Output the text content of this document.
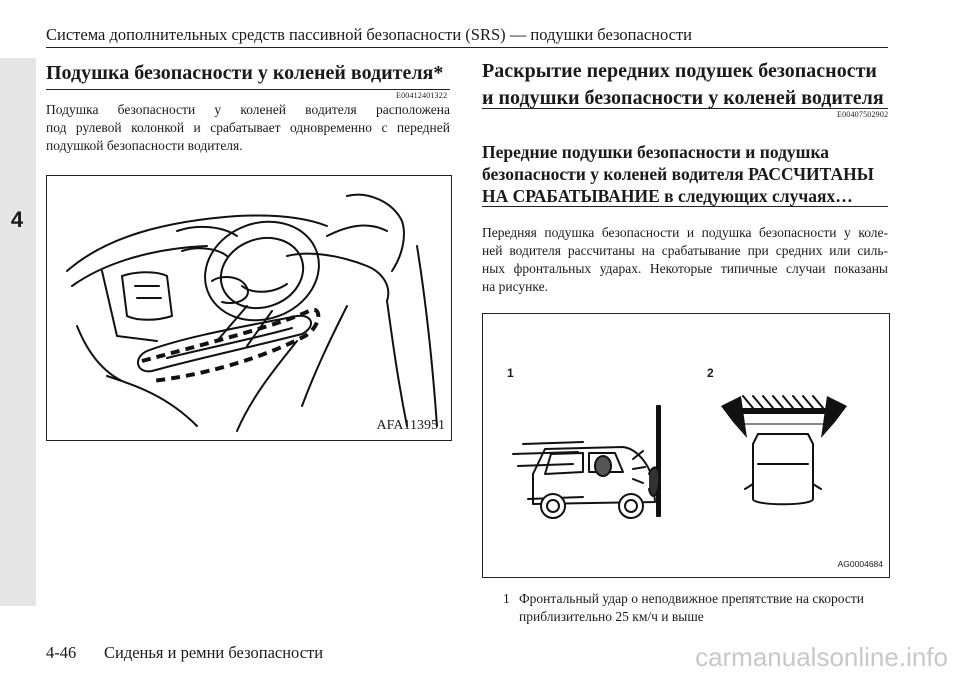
4
Система дополнительных средств пассивной безопасности (SRS) — подушки безопасности
Подушка безопасности у коленей водителя*
E00412401322
Подушка безопасности у коленей водителя расположена
под рулевой колонкой и срабатывает одновременно с передней
подушкой безопасности водителя.
AFA113951
Раскрытие передних подушек безопасности
и подушки безопасности у коленей водителя
E00407502902
Передние подушки безопасности и подушка
безопасности у коленей водителя РАССЧИТАНЫ
НА СРАБАТЫВАНИЕ в следующих случаях…
Передняя подушка безопасности и подушка безопасности у коле-
ней водителя рассчитаны на срабатывание при средних или силь-
ных фронтальных ударах. Некоторые типичные случаи показаны
на рисунке.
1	2
AG0004684
1 Фронтальный удар о неподвижное препятствие на скорости
приблизительно 25 км/ч и выше
4-46 Сиденья и ремни безопасности	carmanualsonline.info
